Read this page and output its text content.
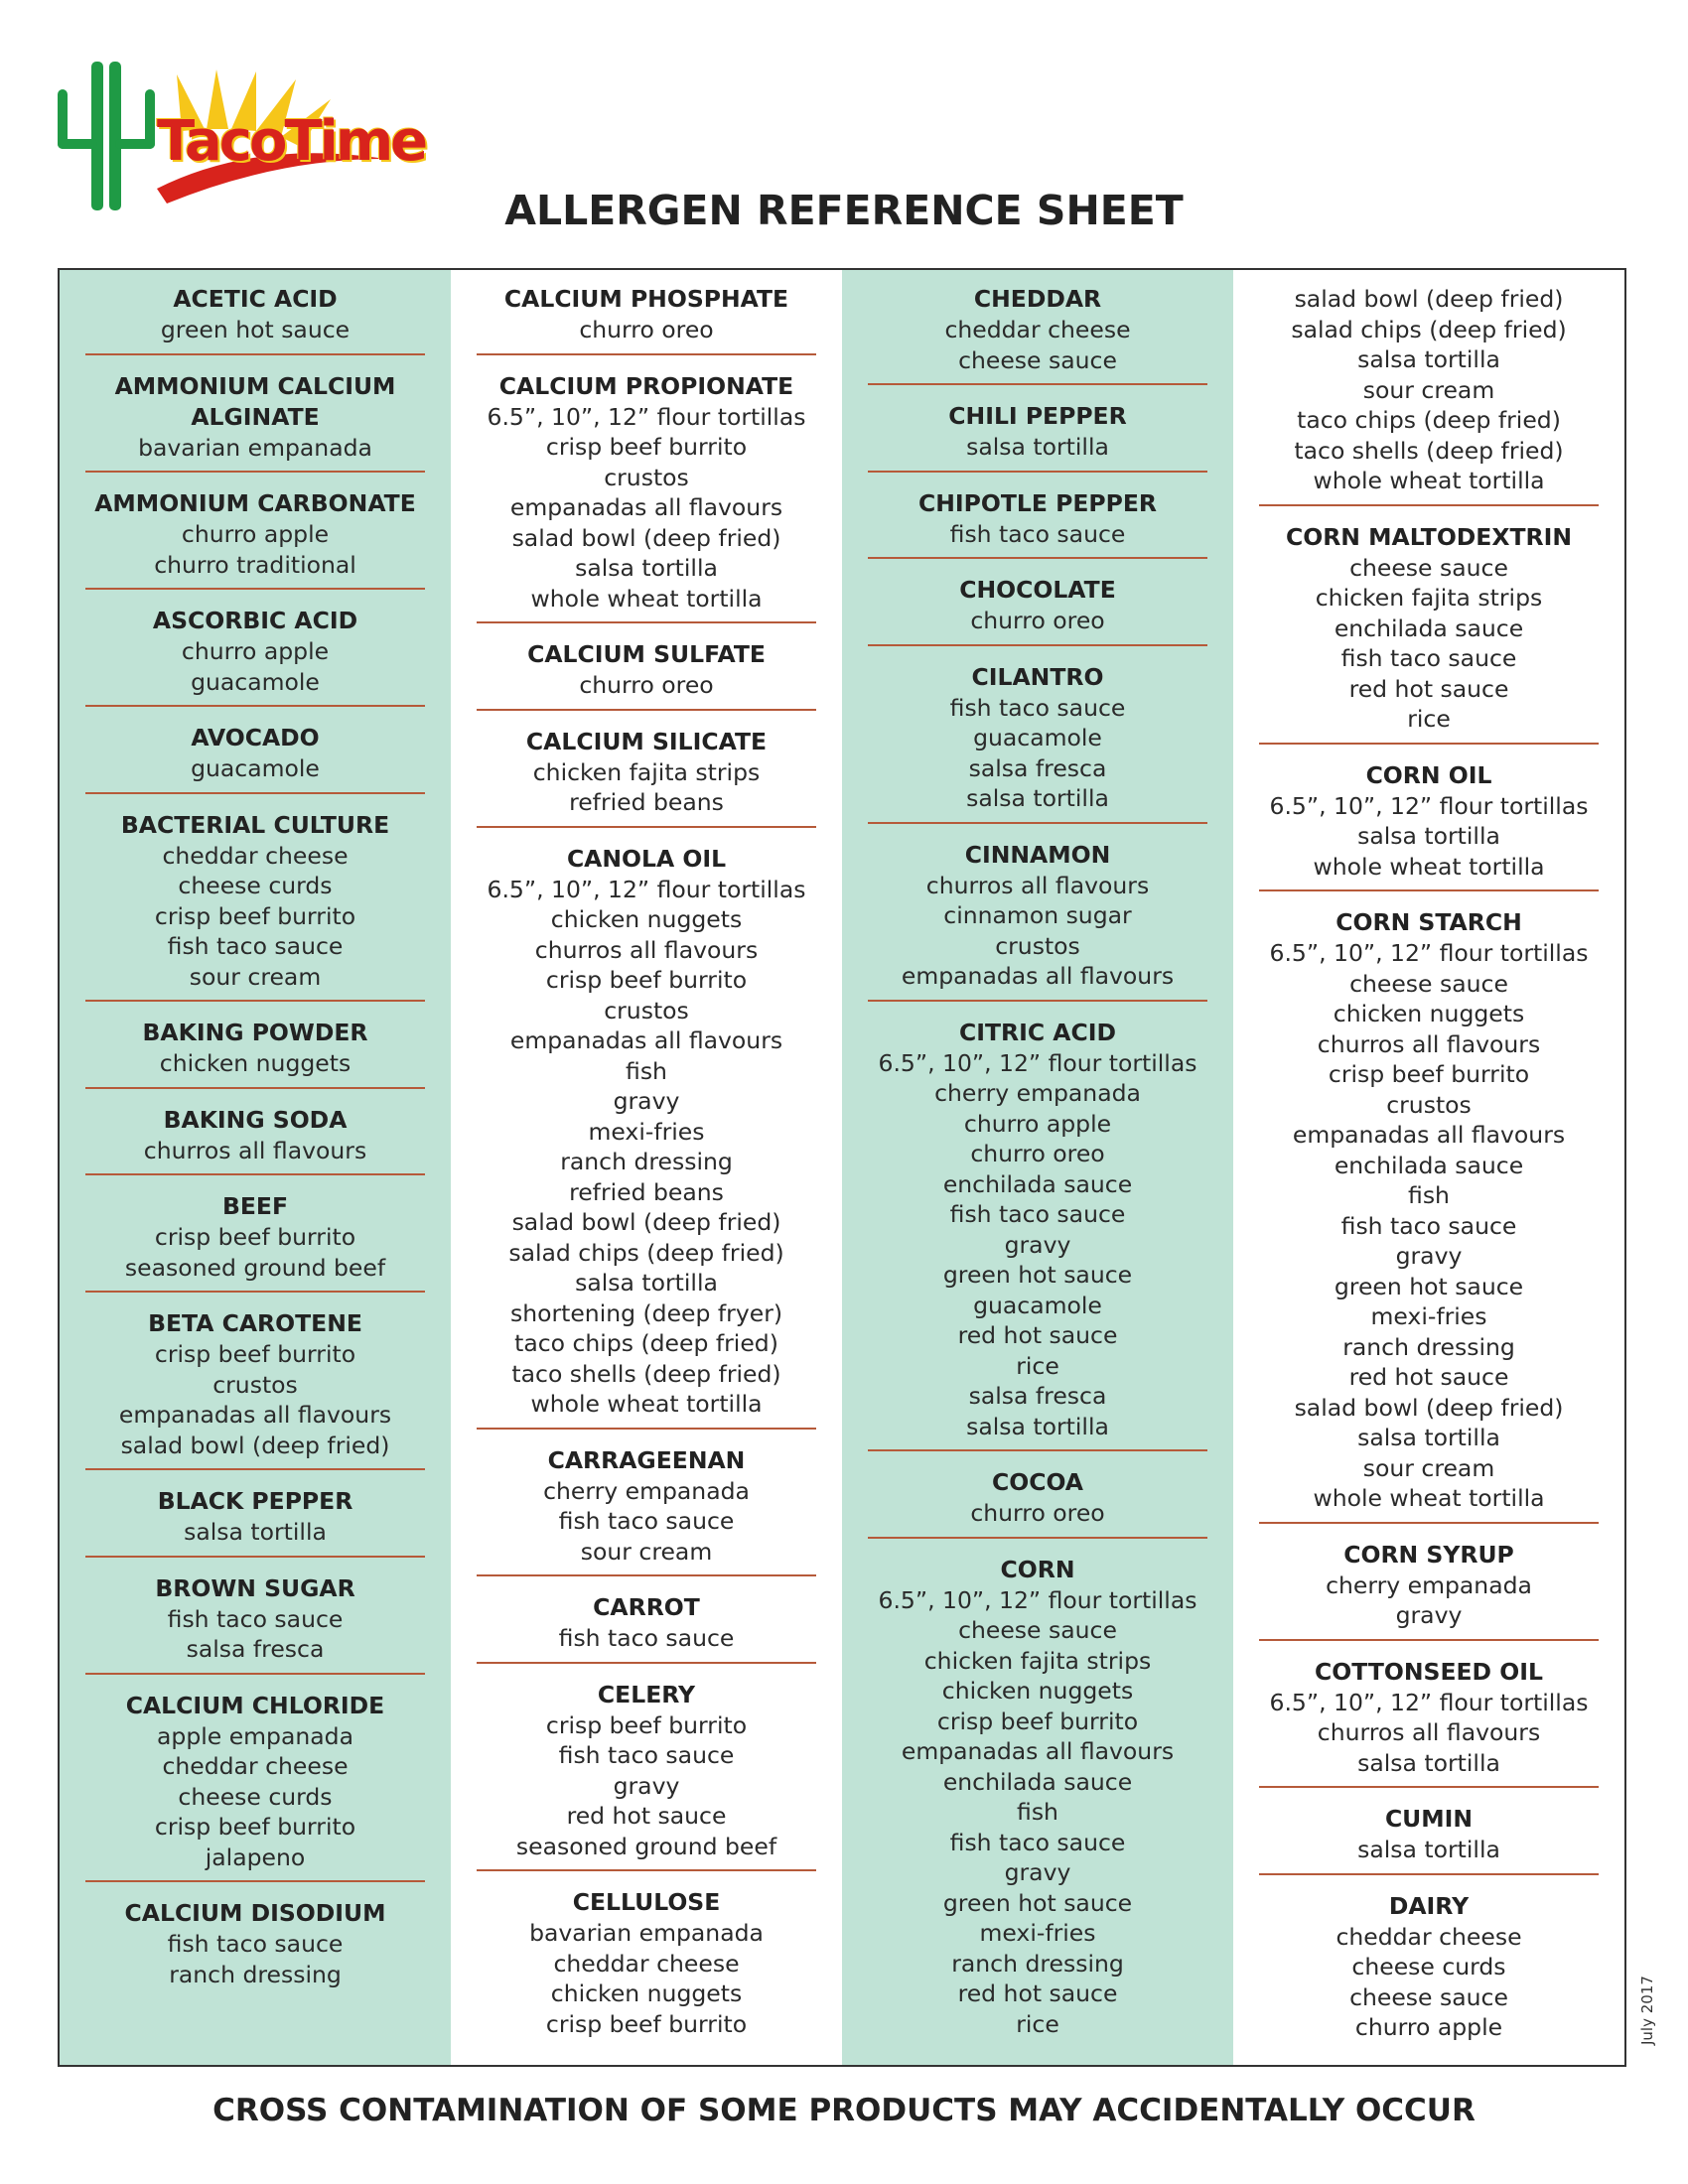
TacoTime
ALLERGEN REFERENCE SHEET
ACETIC ACID
green hot sauce
AMMONIUM CALCIUM ALGINATE
bavarian empanada
AMMONIUM CARBONATE
churro apple
churro traditional
ASCORBIC ACID
churro apple
guacamole
AVOCADO
guacamole
BACTERIAL CULTURE
cheddar cheese
cheese curds
crisp beef burrito
fish taco sauce
sour cream
BAKING POWDER
chicken nuggets
BAKING SODA
churros all flavours
BEEF
crisp beef burrito
seasoned ground beef
BETA CAROTENE
crisp beef burrito
crustos
empanadas all flavours
salad bowl (deep fried)
BLACK PEPPER
salsa tortilla
BROWN SUGAR
fish taco sauce
salsa fresca
CALCIUM CHLORIDE
apple empanada
cheddar cheese
cheese curds
crisp beef burrito
jalapeno
CALCIUM DISODIUM
fish taco sauce
ranch dressing
CALCIUM PHOSPHATE
churro oreo
CALCIUM PROPIONATE
6.5”, 10”, 12” flour tortillas
crisp beef burrito
crustos
empanadas all flavours
salad bowl (deep fried)
salsa tortilla
whole wheat tortilla
CALCIUM SULFATE
churro oreo
CALCIUM SILICATE
chicken fajita strips
refried beans
CANOLA OIL
6.5”, 10”, 12” flour tortillas
chicken nuggets
churros all flavours
crisp beef burrito
crustos
empanadas all flavours
fish
gravy
mexi-fries
ranch dressing
refried beans
salad bowl (deep fried)
salad chips (deep fried)
salsa tortilla
shortening (deep fryer)
taco chips (deep fried)
taco shells (deep fried)
whole wheat tortilla
CARRAGEENAN
cherry empanada
fish taco sauce
sour cream
CARROT
fish taco sauce
CELERY
crisp beef burrito
fish taco sauce
gravy
red hot sauce
seasoned ground beef
CELLULOSE
bavarian empanada
cheddar cheese
chicken nuggets
crisp beef burrito
CHEDDAR
cheddar cheese
cheese sauce
CHILI PEPPER
salsa tortilla
CHIPOTLE PEPPER
fish taco sauce
CHOCOLATE
churro oreo
CILANTRO
fish taco sauce
guacamole
salsa fresca
salsa tortilla
CINNAMON
churros all flavours
cinnamon sugar
crustos
empanadas all flavours
CITRIC ACID
6.5”, 10”, 12” flour tortillas
cherry empanada
churro apple
churro oreo
enchilada sauce
fish taco sauce
gravy
green hot sauce
guacamole
red hot sauce
rice
salsa fresca
salsa tortilla
COCOA
churro oreo
CORN
6.5”, 10”, 12” flour tortillas
cheese sauce
chicken fajita strips
chicken nuggets
crisp beef burrito
empanadas all flavours
enchilada sauce
fish
fish taco sauce
gravy
green hot sauce
mexi-fries
ranch dressing
red hot sauce
rice
salad bowl (deep fried)
salad chips (deep fried)
salsa tortilla
sour cream
taco chips (deep fried)
taco shells (deep fried)
whole wheat tortilla
CORN MALTODEXTRIN
cheese sauce
chicken fajita strips
enchilada sauce
fish taco sauce
red hot sauce
rice
CORN OIL
6.5”, 10”, 12” flour tortillas
salsa tortilla
whole wheat tortilla
CORN STARCH
6.5”, 10”, 12” flour tortillas
cheese sauce
chicken nuggets
churros all flavours
crisp beef burrito
crustos
empanadas all flavours
enchilada sauce
fish
fish taco sauce
gravy
green hot sauce
mexi-fries
ranch dressing
red hot sauce
salad bowl (deep fried)
salsa tortilla
sour cream
whole wheat tortilla
CORN SYRUP
cherry empanada
gravy
COTTONSEED OIL
6.5”, 10”, 12” flour tortillas
churros all flavours
salsa tortilla
CUMIN
salsa tortilla
DAIRY
cheddar cheese
cheese curds
cheese sauce
churro apple	July 2017
CROSS CONTAMINATION OF SOME PRODUCTS MAY ACCIDENTALLY OCCUR
